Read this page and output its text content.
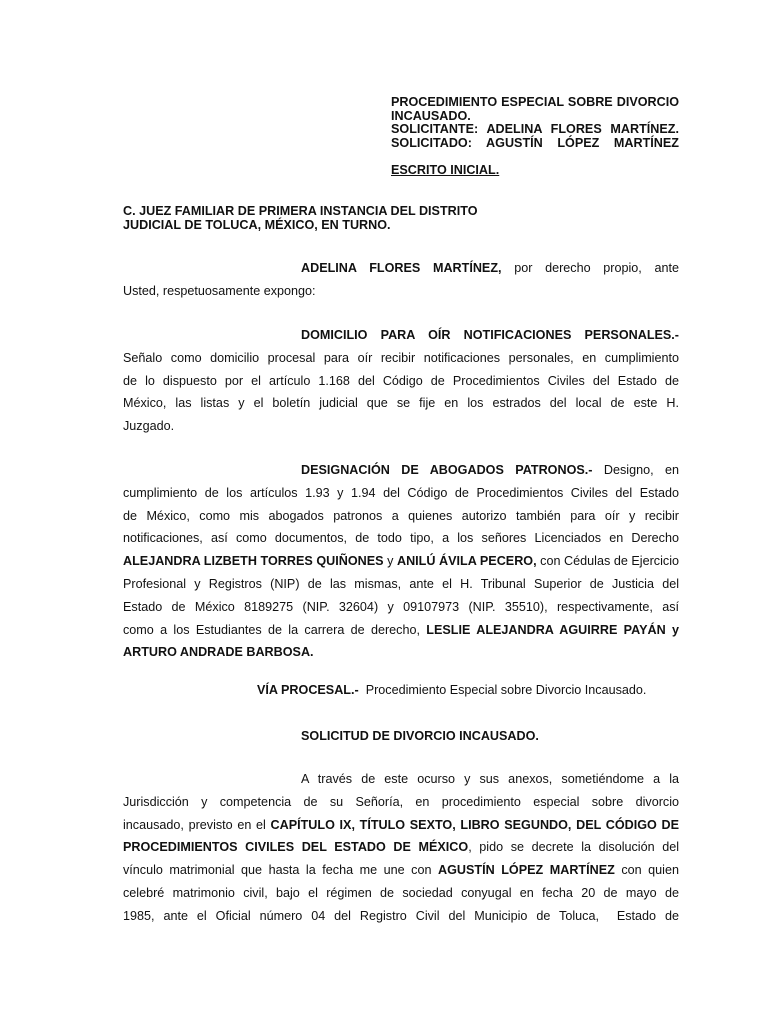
PROCEDIMIENTO ESPECIAL SOBRE DIVORCIO
INCAUSADO.
SOLICITANTE: ADELINA FLORES MARTÍNEZ.
SOLICITADO: AGUSTÍN LÓPEZ MARTÍNEZ
ESCRITO INICIAL.
C. JUEZ FAMILIAR DE PRIMERA INSTANCIA DEL DISTRITO
JUDICIAL DE TOLUCA, MÉXICO, EN TURNO.
ADELINA FLORES MARTÍNEZ, por derecho propio, ante
Usted, respetuosamente expongo:
DOMICILIO PARA OÍR NOTIFICACIONES PERSONALES.-
Señalo como domicilio procesal para oír recibir notificaciones personales, en cumplimiento
de lo dispuesto por el artículo 1.168 del Código de Procedimientos Civiles del Estado de
México, las listas y el boletín judicial que se fije en los estrados del local de este H.
Juzgado.
DESIGNACIÓN DE ABOGADOS PATRONOS.- Designo, en
cumplimiento de los artículos 1.93 y 1.94 del Código de Procedimientos Civiles del Estado
de México, como mis abogados patronos a quienes autorizo también para oír y recibir
notificaciones, así como documentos, de todo tipo, a los señores Licenciados en Derecho
ALEJANDRA LIZBETH TORRES QUIÑONES y ANILÚ ÁVILA PECERO, con Cédulas de Ejercicio
Profesional y Registros (NIP) de las mismas, ante el H. Tribunal Superior de Justicia del
Estado de México 8189275 (NIP. 32604) y 09107973 (NIP. 35510), respectivamente, así
como a los Estudiantes de la carrera de derecho, LESLIE ALEJANDRA AGUIRRE PAYÁN y
ARTURO ANDRADE BARBOSA.
VÍA PROCESAL.-  Procedimiento Especial sobre Divorcio Incausado.
SOLICITUD DE DIVORCIO INCAUSADO.
A través de este ocurso y sus anexos, sometiéndome a la
Jurisdicción y competencia de su Señoría, en procedimiento especial sobre divorcio
incausado, previsto en el CAPÍTULO IX, TÍTULO SEXTO, LIBRO SEGUNDO, DEL CÓDIGO DE
PROCEDIMIENTOS CIVILES DEL ESTADO DE MÉXICO, pido se decrete la disolución del
vínculo matrimonial que hasta la fecha me une con AGUSTÍN LÓPEZ MARTÍNEZ con quien
celebré matrimonio civil, bajo el régimen de sociedad conyugal en fecha 20 de mayo de
1985, ante el Oficial número 04 del Registro Civil del Municipio de Toluca,  Estado de
